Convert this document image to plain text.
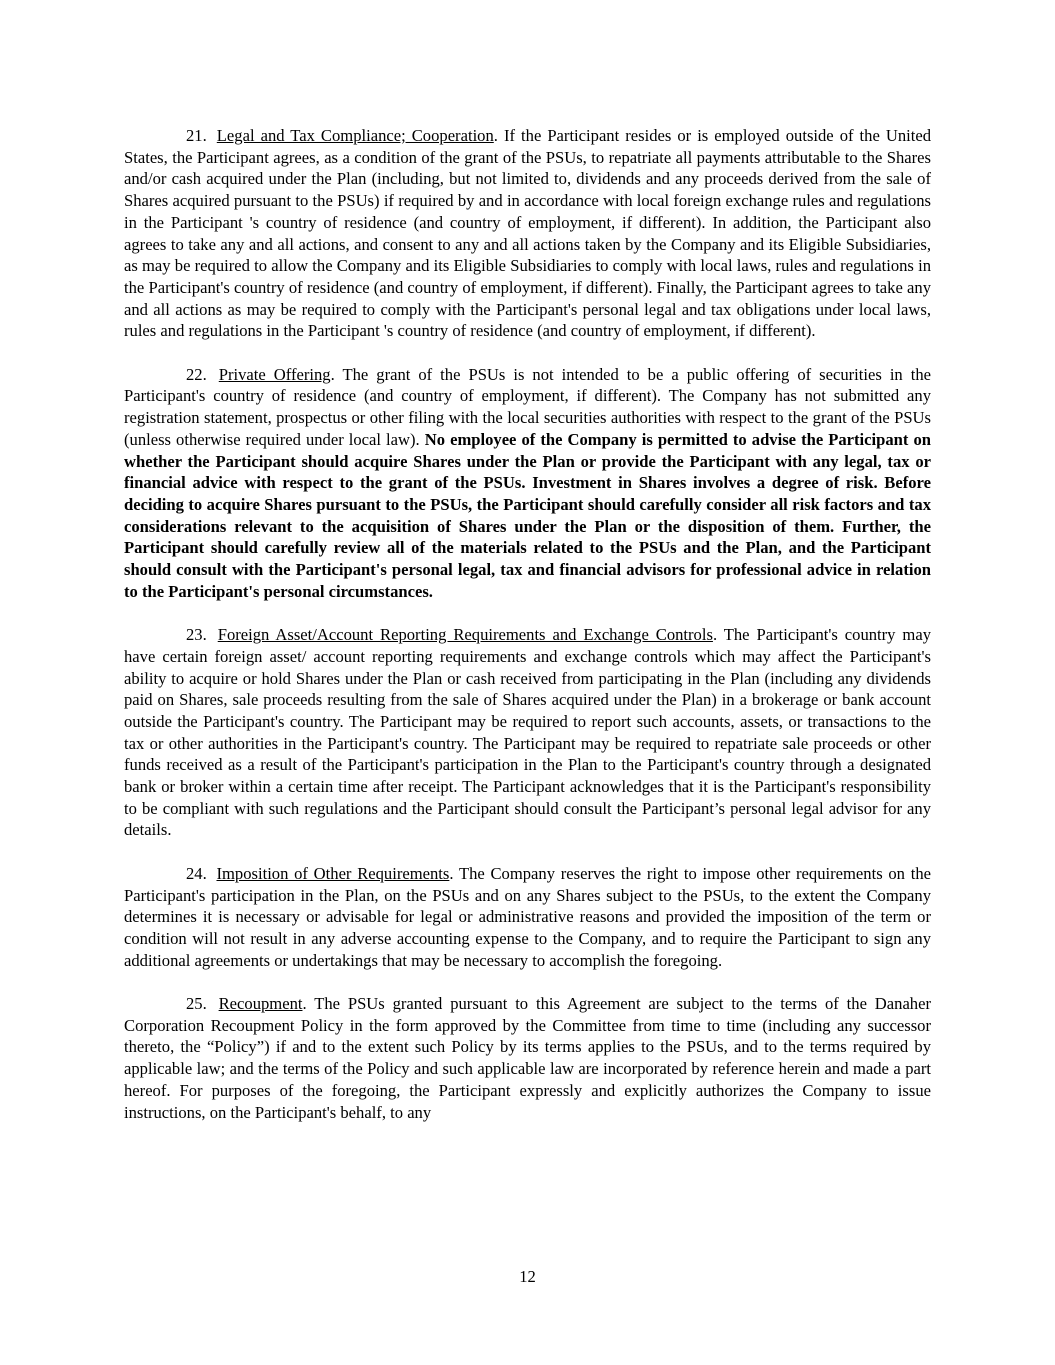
21. Legal and Tax Compliance; Cooperation. If the Participant resides or is employed outside of the United States, the Participant agrees, as a condition of the grant of the PSUs, to repatriate all payments attributable to the Shares and/or cash acquired under the Plan (including, but not limited to, dividends and any proceeds derived from the sale of Shares acquired pursuant to the PSUs) if required by and in accordance with local foreign exchange rules and regulations in the Participant 's country of residence (and country of employment, if different). In addition, the Participant also agrees to take any and all actions, and consent to any and all actions taken by the Company and its Eligible Subsidiaries, as may be required to allow the Company and its Eligible Subsidiaries to comply with local laws, rules and regulations in the Participant's country of residence (and country of employment, if different). Finally, the Participant agrees to take any and all actions as may be required to comply with the Participant's personal legal and tax obligations under local laws, rules and regulations in the Participant 's country of residence (and country of employment, if different).

22. Private Offering. The grant of the PSUs is not intended to be a public offering of securities in the Participant's country of residence (and country of employment, if different). The Company has not submitted any registration statement, prospectus or other filing with the local securities authorities with respect to the grant of the PSUs (unless otherwise required under local law). No employee of the Company is permitted to advise the Participant on whether the Participant should acquire Shares under the Plan or provide the Participant with any legal, tax or financial advice with respect to the grant of the PSUs. Investment in Shares involves a degree of risk. Before deciding to acquire Shares pursuant to the PSUs, the Participant should carefully consider all risk factors and tax considerations relevant to the acquisition of Shares under the Plan or the disposition of them. Further, the Participant should carefully review all of the materials related to the PSUs and the Plan, and the Participant should consult with the Participant's personal legal, tax and financial advisors for professional advice in relation to the Participant's personal circumstances.

23. Foreign Asset/Account Reporting Requirements and Exchange Controls. The Participant's country may have certain foreign asset/ account reporting requirements and exchange controls which may affect the Participant's ability to acquire or hold Shares under the Plan or cash received from participating in the Plan (including any dividends paid on Shares, sale proceeds resulting from the sale of Shares acquired under the Plan) in a brokerage or bank account outside the Participant's country. The Participant may be required to report such accounts, assets, or transactions to the tax or other authorities in the Participant's country. The Participant may be required to repatriate sale proceeds or other funds received as a result of the Participant's participation in the Plan to the Participant's country through a designated bank or broker within a certain time after receipt. The Participant acknowledges that it is the Participant's responsibility to be compliant with such regulations and the Participant should consult the Participant’s personal legal advisor for any details.

24. Imposition of Other Requirements. The Company reserves the right to impose other requirements on the Participant's participation in the Plan, on the PSUs and on any Shares subject to the PSUs, to the extent the Company determines it is necessary or advisable for legal or administrative reasons and provided the imposition of the term or condition will not result in any adverse accounting expense to the Company, and to require the Participant to sign any additional agreements or undertakings that may be necessary to accomplish the foregoing.

25. Recoupment. The PSUs granted pursuant to this Agreement are subject to the terms of the Danaher Corporation Recoupment Policy in the form approved by the Committee from time to time (including any successor thereto, the “Policy”) if and to the extent such Policy by its terms applies to the PSUs, and to the terms required by applicable law; and the terms of the Policy and such applicable law are incorporated by reference herein and made a part hereof. For purposes of the foregoing, the Participant expressly and explicitly authorizes the Company to issue instructions, on the Participant's behalf, to any

12
